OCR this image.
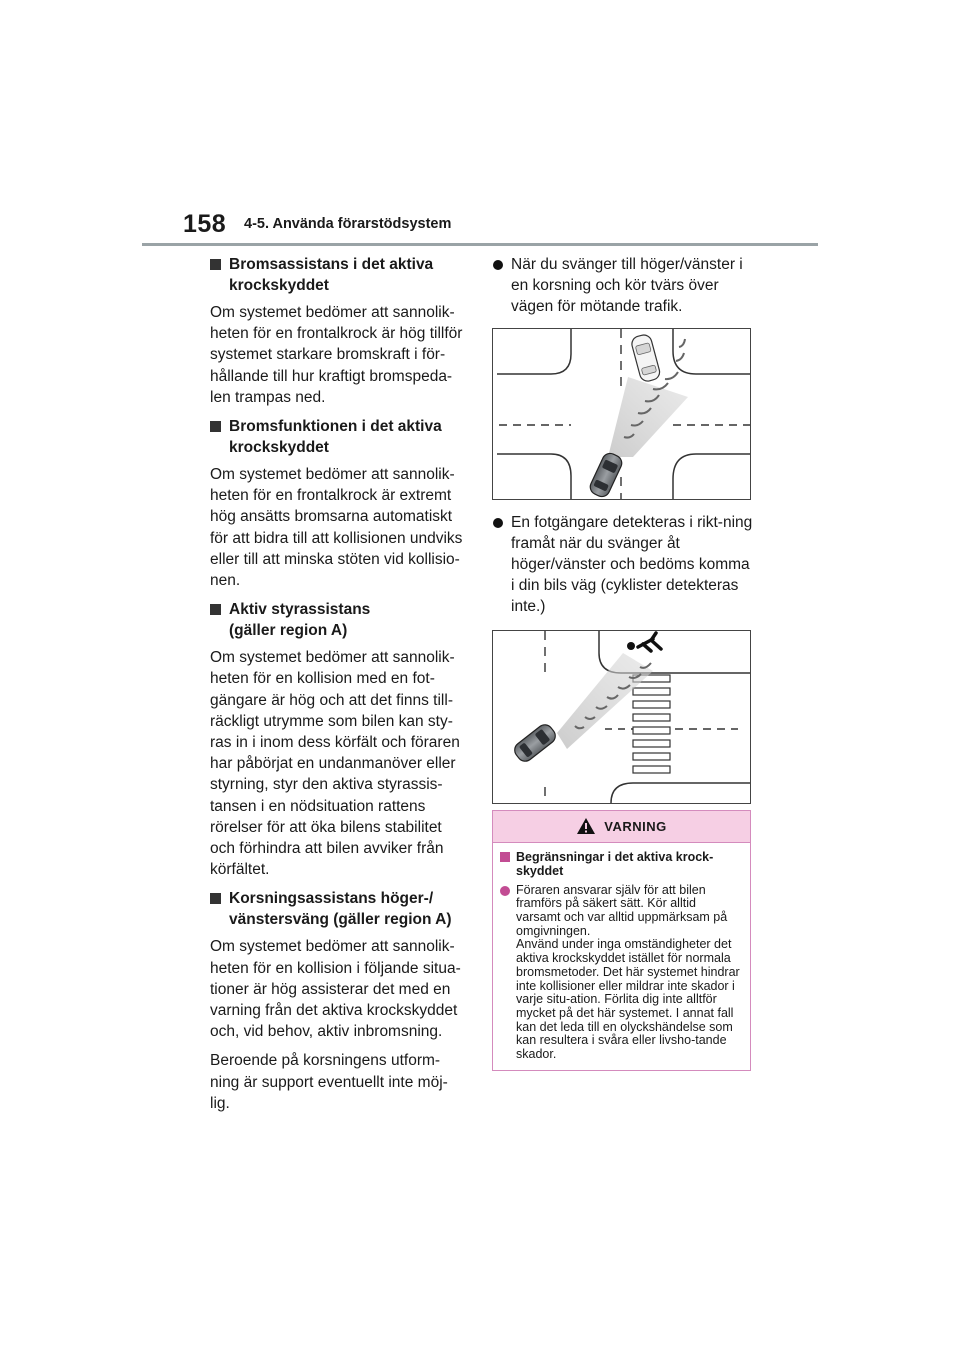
158 4-5. Använda förarstödsystem
Bromsassistans i det aktiva krockskyddet

Om systemet bedömer att sannolik-heten för en frontalkrock är hög tillför systemet starkare bromskraft i för-hållande till hur kraftigt bromspeda-len trampas ned.

Bromsfunktionen i det aktiva krockskyddet

Om systemet bedömer att sannolik-heten för en frontalkrock är extremt hög ansätts bromsarna automatiskt för att bidra till att kollisionen undviks eller till att minska stöten vid kollisio-nen.

Aktiv styrassistans
(gäller region A)

Om systemet bedömer att sannolik-heten för en kollision med en fot-gängare är hög och att det finns till-räckligt utrymme som bilen kan sty-ras in i inom dess körfält och föraren har påbörjat en undanmanöver eller styrning, styr den aktiva styrassis-tansen i en nödsituation rattens rörelser för att öka bilens stabilitet och förhindra att bilen avviker från körfältet.

Korsningsassistans höger-/ vänstersväng (gäller region A)

Om systemet bedömer att sannolik-heten för en kollision i följande situa-tioner är hög assisterar det med en varning från det aktiva krockskyddet och, vid behov, aktiv inbromsning.

Beroende på korsningens utform-ning är support eventuellt inte möj-lig.

När du svänger till höger/vänster i en korsning och kör tvärs över vägen för mötande trafik.
En fotgängare detekteras i rikt-ning framåt när du svänger åt höger/vänster och bedöms komma i din bils väg (cyklister detekteras inte.)
VARNING
Begränsningar i det aktiva krock-skyddet

Föraren ansvarar själv för att bilen framförs på säkert sätt. Kör alltid varsamt och var alltid uppmärksam på omgivningen.

Använd under inga omständigheter det aktiva krockskyddet istället för normala bromsmetoder. Det här systemet hindrar inte kollisioner eller mildrar inte skador i varje situ-ation. Förlita dig inte alltför mycket på det här systemet. I annat fall kan det leda till en olyckshändelse som kan resultera i svåra eller livsho-tande skador.
